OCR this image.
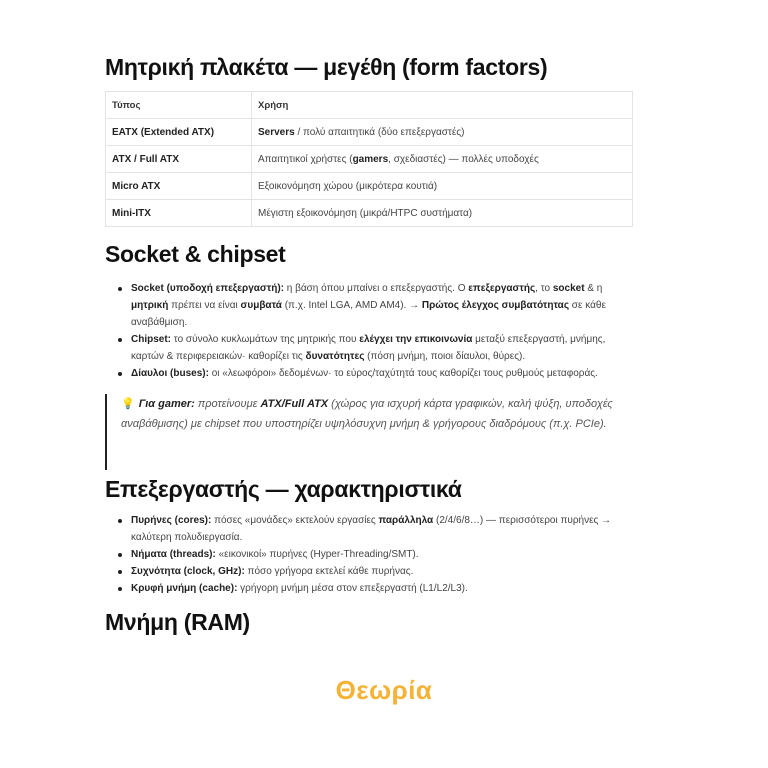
Μητρική πλακέτα — μεγέθη (form factors)
Τύπος	Χρήση
EATX (Extended ATX)	Servers / πολύ απαιτητικά (δύο επεξεργαστές)
ATX / Full ATX	Απαιτητικοί χρήστες (gamers, σχεδιαστές) — πολλές υποδοχές
Micro ATX	Εξοικονόμηση χώρου (μικρότερα κουτιά)
Mini-ITX	Μέγιστη εξοικονόμηση (μικρά/HTPC συστήματα)
Socket & chipset
Socket (υποδοχή επεξεργαστή): η βάση όπου μπαίνει ο επεξεργαστής. Ο επεξεργαστής, το socket & η μητρική πρέπει να είναι συμβατά (π.χ. Intel LGA, AMD AM4). → Πρώτος έλεγχος συμβατότητας σε κάθε αναβάθμιση.
Chipset: το σύνολο κυκλωμάτων της μητρικής που ελέγχει την επικοινωνία μεταξύ επεξεργαστή, μνήμης, καρτών & περιφερειακών· καθορίζει τις δυνατότητες (πόση μνήμη, ποιοι δίαυλοι, θύρες).
Δίαυλοι (buses): οι «λεωφόροι» δεδομένων· το εύρος/ταχύτητά τους καθορίζει τους ρυθμούς μεταφοράς.
💡 Για gamer: προτείνουμε ATX/Full ATX (χώρος για ισχυρή κάρτα γραφικών, καλή ψύξη, υποδοχές αναβάθμισης) με chipset που υποστηρίζει υψηλόσυχνη μνήμη & γρήγορους διαδρόμους (π.χ. PCIe).
Επεξεργαστής — χαρακτηριστικά
Πυρήνες (cores): πόσες «μονάδες» εκτελούν εργασίες παράλληλα (2/4/6/8…) — περισσότεροι πυρήνες → καλύτερη πολυδιεργασία.
Νήματα (threads): «εικονικοί» πυρήνες (Hyper-Threading/SMT).
Συχνότητα (clock, GHz): πόσο γρήγορα εκτελεί κάθε πυρήνας.
Κρυφή μνήμη (cache): γρήγορη μνήμη μέσα στον επεξεργαστή (L1/L2/L3).
Μνήμη (RAM)
Θεωρία
